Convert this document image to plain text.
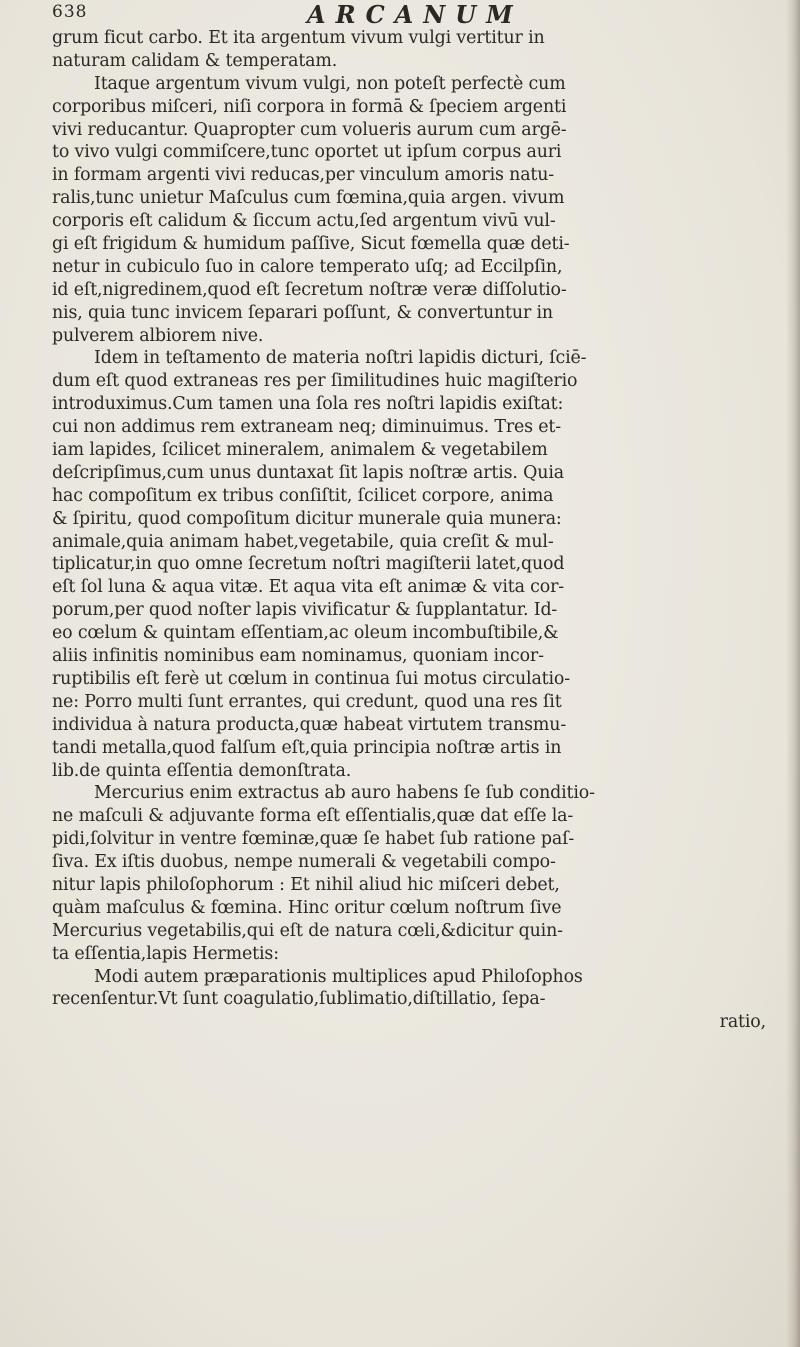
638	ARCANUM
grum ficut carbo. Et ita argentum vivum vulgi vertitur in
naturam calidam & temperatam.
Itaque argentum vivum vulgi, non poteſt perfectè cum
corporibus miſceri, niſi corpora in formā & ſpeciem argenti
vivi reducantur. Quapropter cum volueris aurum cum argē-
to vivo vulgi commiſcere,tunc oportet ut ipſum corpus auri
in formam argenti vivi reducas,per vinculum amoris natu-
ralis,tunc unietur Maſculus cum fœmina,quia argen. vivum
corporis eſt calidum & ſiccum actu,ſed argentum vivū vul-
gi eſt frigidum & humidum paſſive, Sicut fœmella quæ deti-
netur in cubiculo ſuo in calore temperato uſq; ad Eccilpſin,
id eſt,nigredinem,quod eſt ſecretum noſtræ veræ diſſolutio-
nis, quia tunc invicem ſeparari poſſunt, & convertuntur in
pulverem albiorem nive.
Idem in teſtamento de materia noſtri lapidis dicturi, ſciē-
dum eſt quod extraneas res per ſimilitudines huic magiſterio
introduximus.Cum tamen una ſola res noſtri lapidis exiſtat:
cui non addimus rem extraneam neq; diminuimus. Tres et-
iam lapides, ſcilicet mineralem, animalem & vegetabilem
deſcripſimus,cum unus duntaxat ſit lapis noſtræ artis. Quia
hac compoſitum ex tribus conſiſtit, ſcilicet corpore, anima
& ſpiritu, quod compoſitum dicitur munerale quia munera:
animale,quia animam habet,vegetabile, quia creſit & mul-
tiplicatur,in quo omne ſecretum noſtri magiſterii latet,quod
eſt ſol luna & aqua vitæ. Et aqua vita eſt animæ & vita cor-
porum,per quod noſter lapis vivificatur & ſupplantatur. Id-
eo cœlum & quintam eſſentiam,ac oleum incombuſtibile,&
aliis infinitis nominibus eam nominamus, quoniam incor-
ruptibilis eſt ferè ut cœlum in continua ſui motus circulatio-
ne: Porro multi ſunt errantes, qui credunt, quod una res ſit
individua à natura producta,quæ habeat virtutem transmu-
tandi metalla,quod falſum eſt,quia principia noſtræ artis in
lib.de quinta eſſentia demonſtrata.
Mercurius enim extractus ab auro habens ſe ſub conditio-
ne maſculi & adjuvante forma eſt eſſentialis,quæ dat eſſe la-
pidi,ſolvitur in ventre fœminæ,quæ ſe habet ſub ratione paſ-
ſiva. Ex iſtis duobus, nempe numerali & vegetabili compo-
nitur lapis philoſophorum : Et nihil aliud hic miſceri debet,
quàm maſculus & fœmina. Hinc oritur cœlum noſtrum ſive
Mercurius vegetabilis,qui eſt de natura cœli,&dicitur quin-
ta eſſentia,lapis Hermetis:
Modi autem præparationis multiplices apud Philoſophos
recenſentur.Vt ſunt coagulatio,ſublimatio,diſtillatio, ſepa-
ratio,
